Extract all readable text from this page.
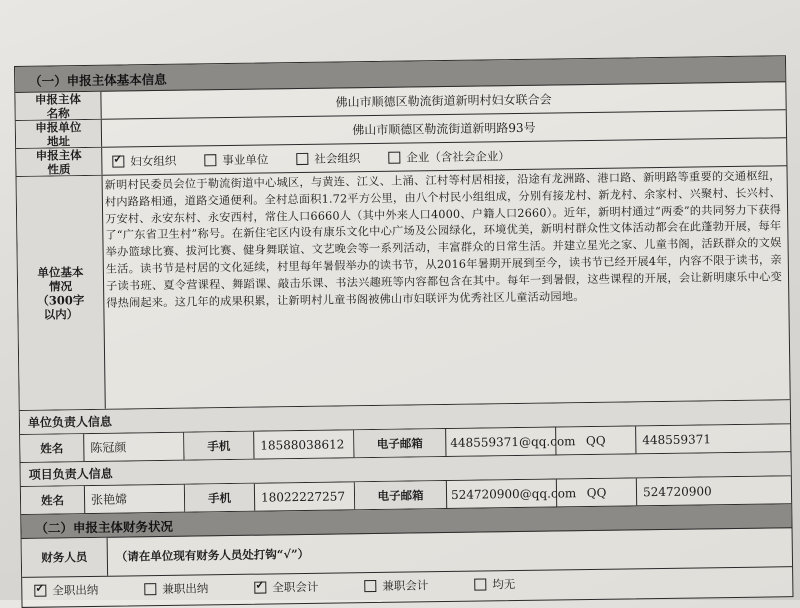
（一）申报主体基本信息
申报主体名称
佛山市顺德区勒流街道新明村妇女联合会
申报单位地址
佛山市顺德区勒流街道新明路93号
申报主体性质
✓
妇女组织	事业单位	社会组织	企业（含社会企业）
单位基本情况（300字以内）
新明村民委员会位于勒流街道中心城区，与黄连、江义、上涌、江村等村居相接，沿途有龙洲路、港口路、新明路等重要的交通枢纽，村内路路相通，道路交通便利。全村总面积1.72平方公里，由八个村民小组组成，分别有接龙村、新龙村、余家村、兴聚村、长兴村、万安村、永安东村、永安西村，常住人口6660人（其中外来人口4000、户籍人口2660）。近年，新明村通过“两委”的共同努力下获得了“广东省卫生村”称号。在新住宅区内设有康乐文化中心广场及公园绿化，环境优美，新明村群众性文体活动都会在此蓬勃开展，每年举办篮球比赛、拔河比赛、健身舞联谊、文艺晚会等一系列活动，丰富群众的日常生活。并建立星光之家、儿童书阁，活跃群众的文娱生活。读书节是村居的文化延续，村里每年暑假举办的读书节，从2016年暑期开展到至今，读书节已经开展4年，内容不限于读书，亲子读书班、夏令营课程、舞蹈课、敲击乐课、书法兴趣班等内容都包含在其中。每年一到暑假，这些课程的开展，会让新明康乐中心变得热闹起来。这几年的成果积累，让新明村儿童书阁被佛山市妇联评为优秀社区儿童活动园地。
单位负责人信息
姓名	陈冠颜	手机	18588038612	电子邮箱	448559371@qq.com QQ	448559371
项目负责人信息
姓名	张艳嫦	手机	18022227257	电子邮箱	524720900@qq.com QQ	524720900
（二）申报主体财务状况
财务人员	（请在单位现有财务人员处打钩“√”）
✓
全职出纳	兼职出纳
✓	全职会计	兼职会计	均无
